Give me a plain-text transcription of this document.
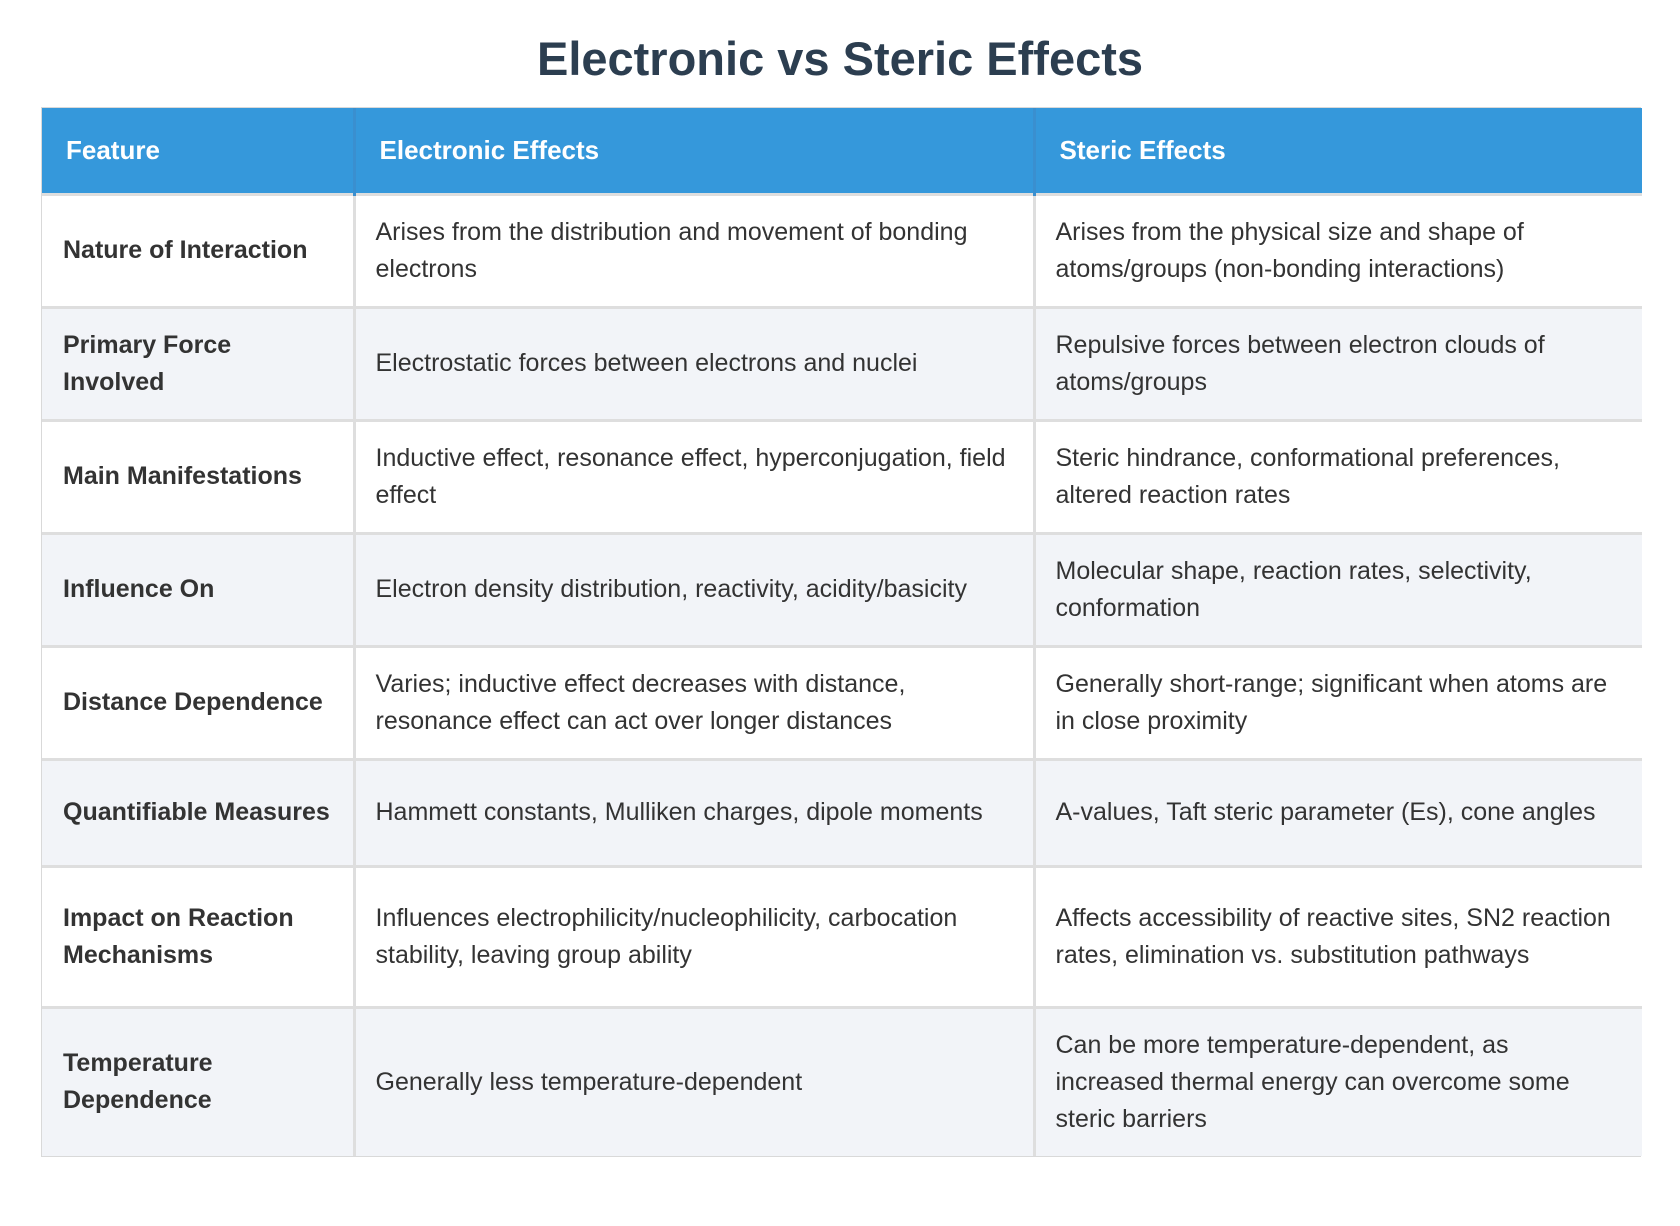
Electronic vs Steric Effects
Feature	Electronic Effects	Steric Effects
Nature of Interaction	Arises from the distribution and movement of bonding electrons	Arises from the physical size and shape of atoms/groups (non-bonding interactions)
Primary Force Involved	Electrostatic forces between electrons and nuclei	Repulsive forces between electron clouds of atoms/groups
Main Manifestations	Inductive effect, resonance effect, hyperconjugation, field effect	Steric hindrance, conformational preferences, altered reaction rates
Influence On	Electron density distribution, reactivity, acidity/basicity	Molecular shape, reaction rates, selectivity, conformation
Distance Dependence	Varies; inductive effect decreases with distance, resonance effect can act over longer distances	Generally short-range; significant when atoms are in close proximity
Quantifiable Measures	Hammett constants, Mulliken charges, dipole moments	A-values, Taft steric parameter (Es), cone angles
Impact on Reaction Mechanisms	Influences electrophilicity/nucleophilicity, carbocation stability, leaving group ability	Affects accessibility of reactive sites, SN2 reaction rates, elimination vs. substitution pathways
Temperature Dependence	Generally less temperature-dependent	Can be more temperature-dependent, as increased thermal energy can overcome some steric barriers
